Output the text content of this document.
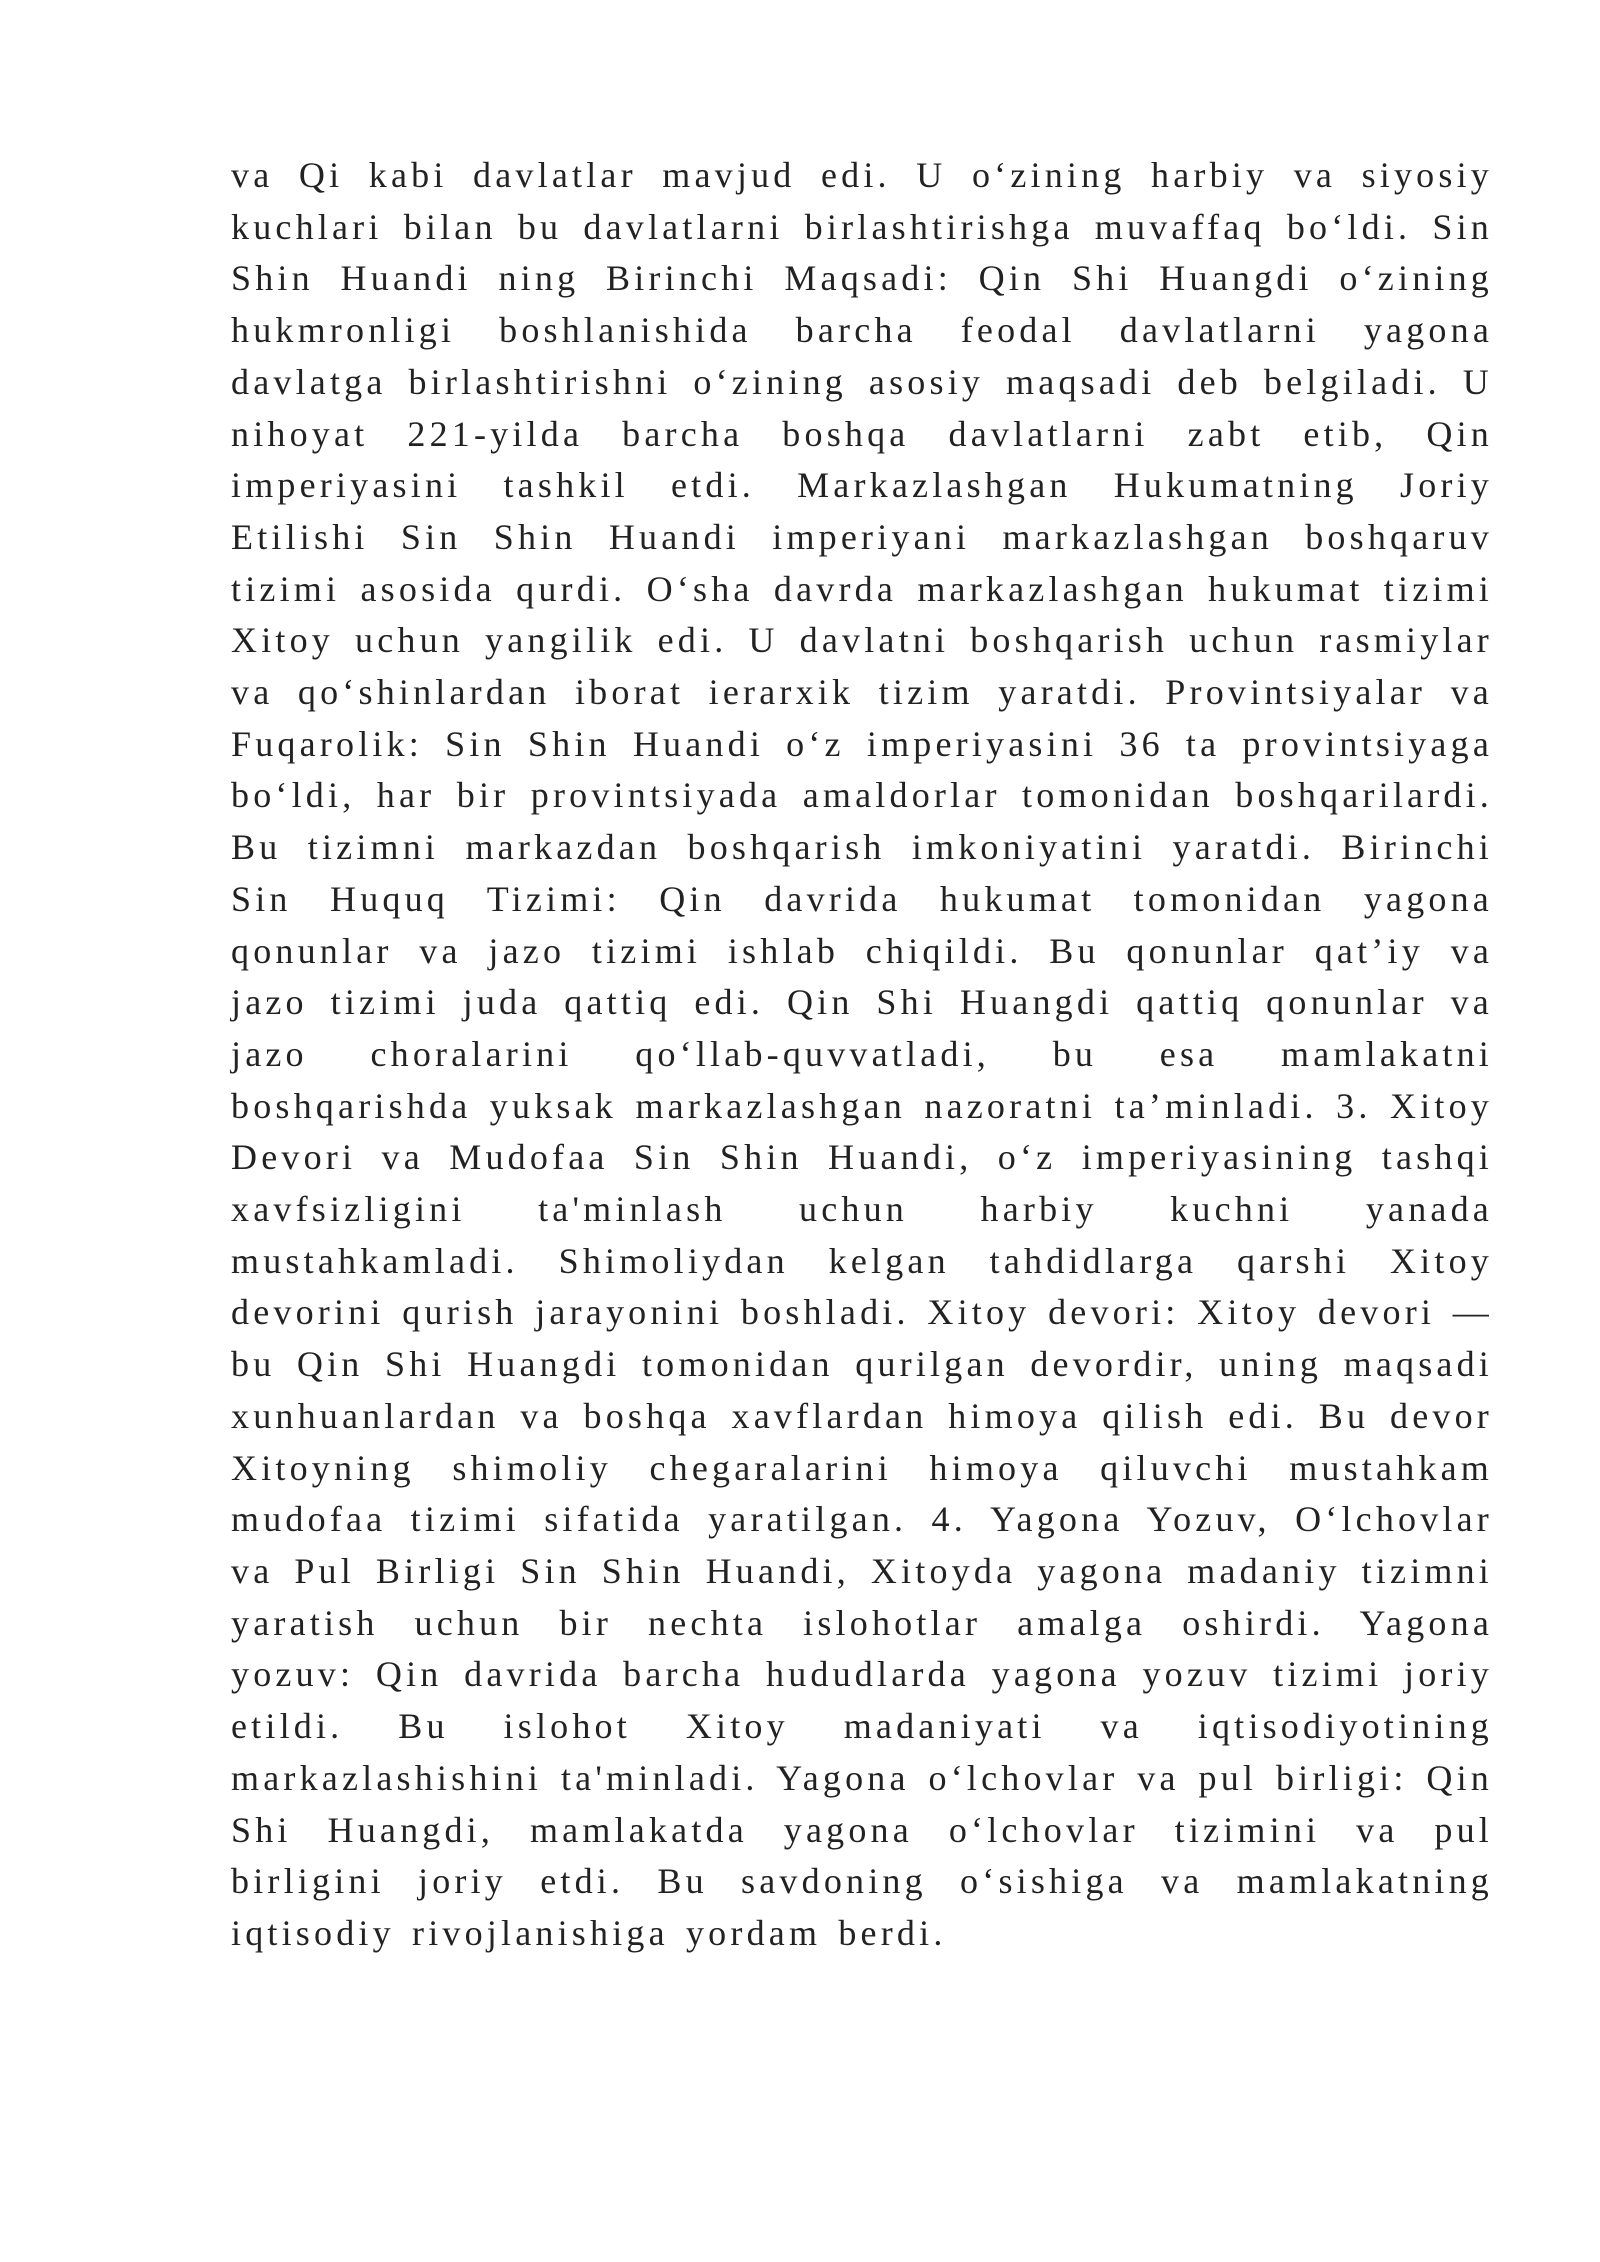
va Qi kabi davlatlar mavjud edi. U o‘zining harbiy va siyosiy kuchlari bilan bu davlatlarni birlashtirishga muvaffaq bo‘ldi. Sin Shin Huandi ning Birinchi Maqsadi: Qin Shi Huangdi o‘zining hukmronligi boshlanishida barcha feodal davlatlarni yagona davlatga birlashtirishni o‘zining asosiy maqsadi deb belgiladi. U nihoyat 221-yilda barcha boshqa davlatlarni zabt etib, Qin imperiyasini tashkil etdi. Markazlashgan Hukumatning Joriy Etilishi Sin Shin Huandi imperiyani markazlashgan boshqaruv tizimi asosida qurdi. O‘sha davrda markazlashgan hukumat tizimi Xitoy uchun yangilik edi. U davlatni boshqarish uchun rasmiylar va qo‘shinlardan iborat ierarxik tizim yaratdi. Provintsiyalar va Fuqarolik: Sin Shin Huandi o‘z imperiyasini 36 ta provintsiyaga bo‘ldi, har bir provintsiyada amaldorlar tomonidan boshqarilardi. Bu tizimni markazdan boshqarish imkoniyatini yaratdi. Birinchi Sin Huquq Tizimi: Qin davrida hukumat tomonidan yagona qonunlar va jazo tizimi ishlab chiqildi. Bu qonunlar qat’iy va jazo tizimi juda qattiq edi. Qin Shi Huangdi qattiq qonunlar va jazo choralarini qo‘llab-quvvatladi, bu esa mamlakatni boshqarishda yuksak markazlashgan nazoratni ta’minladi. 3. Xitoy Devori va Mudofaa Sin Shin Huandi, o‘z imperiyasining tashqi xavfsizligini ta'minlash uchun harbiy kuchni yanada mustahkamladi. Shimoliydan kelgan tahdidlarga qarshi Xitoy devorini qurish jarayonini boshladi. Xitoy devori: Xitoy devori — bu Qin Shi Huangdi tomonidan qurilgan devordir, uning maqsadi xunhuanlardan va boshqa xavflardan himoya qilish edi. Bu devor Xitoyning shimoliy chegaralarini himoya qiluvchi mustahkam mudofaa tizimi sifatida yaratilgan. 4. Yagona Yozuv, O‘lchovlar va Pul Birligi Sin Shin Huandi, Xitoyda yagona madaniy tizimni yaratish uchun bir nechta islohotlar amalga oshirdi. Yagona yozuv: Qin davrida barcha hududlarda yagona yozuv tizimi joriy etildi. Bu islohot Xitoy madaniyati va iqtisodiyotining markazlashishini ta'minladi. Yagona o‘lchovlar va pul birligi: Qin Shi Huangdi, mamlakatda yagona o‘lchovlar tizimini va pul birligini joriy etdi. Bu savdoning o‘sishiga va mamlakatning iqtisodiy rivojlanishiga yordam berdi.
